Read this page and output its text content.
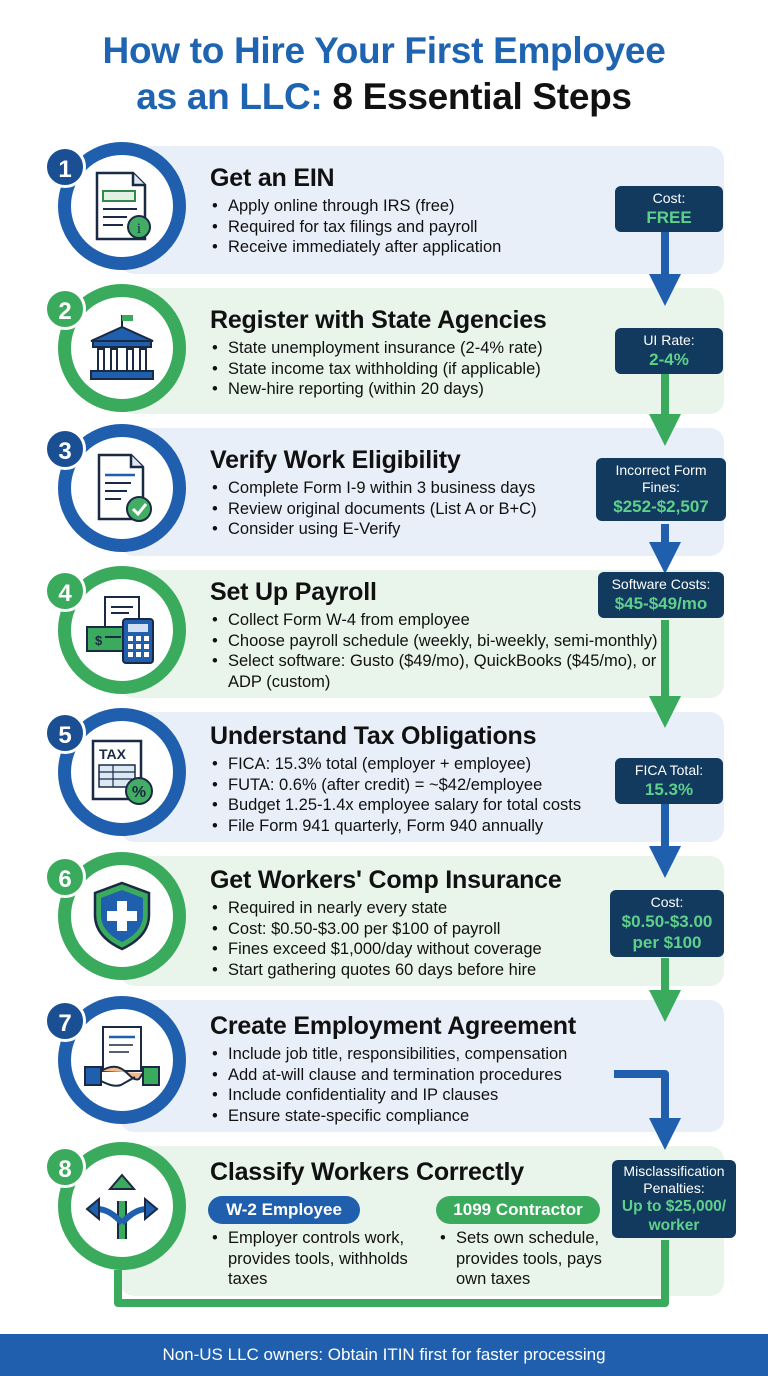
How to Hire Your First Employee
as an LLC: 8 Essential Steps
i
1	Get an EIN
• Apply online through IRS (free)
• Required for tax filings and payroll
• Receive immediately after application
Cost:
FREE
2	Register with State Agencies
• State unemployment insurance (2-4% rate)
• State income tax withholding (if applicable)
• New-hire reporting (within 20 days)
UI Rate:
2-4%
3	Verify Work Eligibility
• Complete Form I-9 within 3 business days
• Review original documents (List A or B+C)
• Consider using E-Verify
Incorrect Form Fines:
$252-$2,507
$
4	Set Up Payroll
• Collect Form W-4 from employee
• Choose payroll schedule (weekly, bi-weekly, semi-monthly)
• Select software: Gusto ($49/mo), QuickBooks ($45/mo), or
ADP (custom)
Software Costs:
$45-$49/mo
TAX
%
5	Understand Tax Obligations
• FICA: 15.3% total (employer + employee)
• FUTA: 0.6% (after credit) = ~$42/employee
• Budget 1.25-1.4x employee salary for total costs
• File Form 941 quarterly, Form 940 annually
FICA Total:
15.3%
6	Get Workers' Comp Insurance
• Required in nearly every state
• Cost: $0.50-$3.00 per $100 of payroll
• Fines exceed $1,000/day without coverage
• Start gathering quotes 60 days before hire
Cost:
$0.50-$3.00 per $100
7	Create Employment Agreement
• Include job title, responsibilities, compensation
• Add at-will clause and termination procedures
• Include confidentiality and IP clauses
• Ensure state-specific compliance
8	Classify Workers Correctly
W-2 Employee	1099 Contractor
• Employer controls work, provides tools, withholds taxes
• Sets own schedule, provides tools, pays own taxes
Misclassification Penalties:
Up to $25,000/ worker
Non-US LLC owners: Obtain ITIN first for faster processing
